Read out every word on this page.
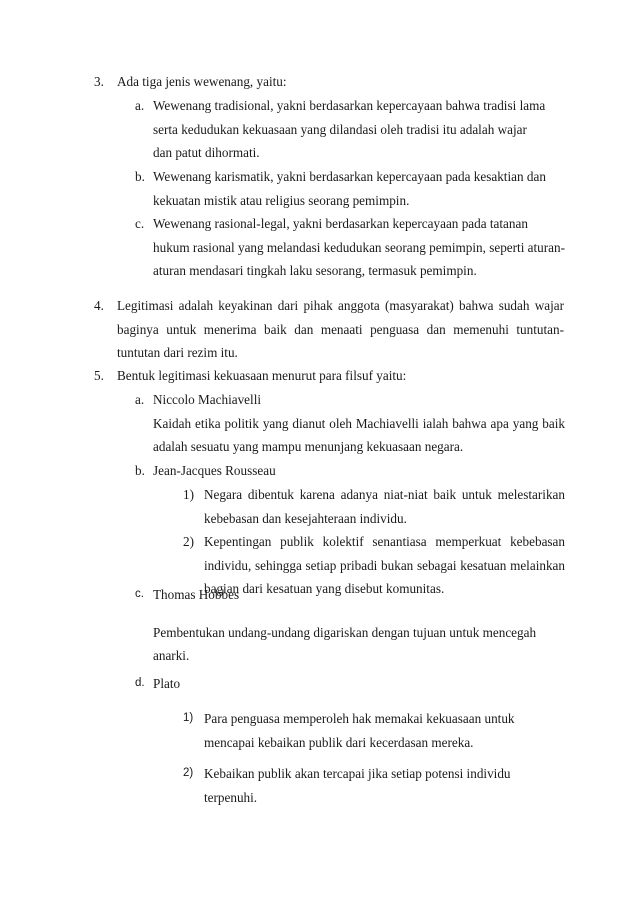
3. Ada tiga jenis wewenang, yaitu:
a. Wewenang tradisional, yakni berdasarkan kepercayaan bahwa tradisi lama serta kedudukan kekuasaan yang dilandasi oleh tradisi itu adalah wajar dan patut dihormati.
b. Wewenang karismatik, yakni berdasarkan kepercayaan pada kesaktian dan kekuatan mistik atau religius seorang pemimpin.
c. Wewenang rasional-legal, yakni berdasarkan kepercayaan pada tatanan hukum rasional yang melandasi kedudukan seorang pemimpin, seperti aturan-aturan mendasari tingkah laku sesorang, termasuk pemimpin.
4. Legitimasi adalah keyakinan dari pihak anggota (masyarakat) bahwa sudah wajar baginya untuk menerima baik dan menaati penguasa dan memenuhi tuntutan-tuntutan dari rezim itu.
5. Bentuk legitimasi kekuasaan menurut para filsuf yaitu:
a. Niccolo Machiavelli
Kaidah etika politik yang dianut oleh Machiavelli ialah bahwa apa yang baik adalah sesuatu yang mampu menunjang kekuasaan negara.
b. Jean-Jacques Rousseau
1) Negara dibentuk karena adanya niat-niat baik untuk melestarikan kebebasan dan kesejahteraan individu.
2) Kepentingan publik kolektif senantiasa memperkuat kebebasan individu, sehingga setiap pribadi bukan sebagai kesatuan melainkan bagian dari kesatuan yang disebut komunitas.
c. Thomas Hobbes
Pembentukan undang-undang digariskan dengan tujuan untuk mencegah anarki.
d. Plato
1) Para penguasa memperoleh hak memakai kekuasaan untuk mencapai kebaikan publik dari kecerdasan mereka.
2) Kebaikan publik akan tercapai jika setiap potensi individu terpenuhi.
